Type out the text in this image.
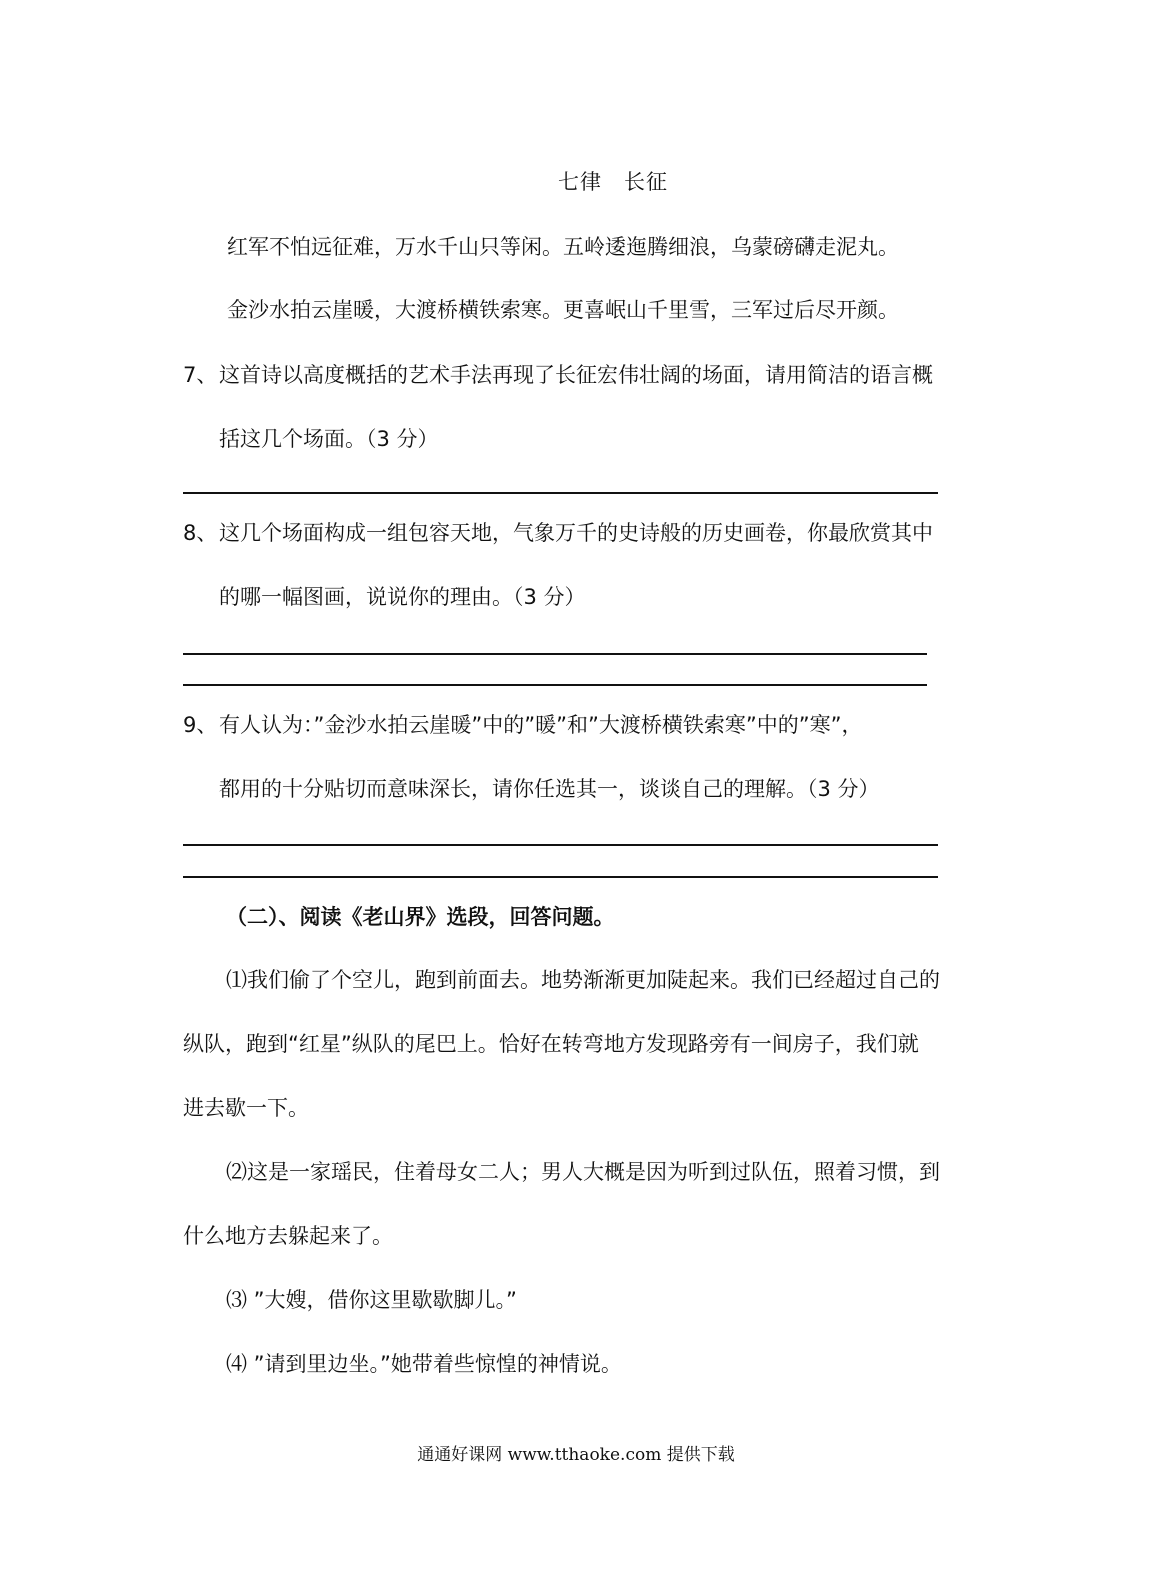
七律　长征
红军不怕远征难，万水千山只等闲。五岭逶迤腾细浪，乌蒙磅礴走泥丸。
金沙水拍云崖暖，大渡桥横铁索寒。更喜岷山千里雪，三军过后尽开颜。
7、这首诗以高度概括的艺术手法再现了长征宏伟壮阔的场面，请用简洁的语言概
括这几个场面。（3 分）
8、这几个场面构成一组包容天地，气象万千的史诗般的历史画卷，你最欣赏其中
的哪一幅图画，说说你的理由。（3 分）
9、有人认为：”金沙水拍云崖暖”中的”暖”和”大渡桥横铁索寒”中的”寒”，
都用的十分贴切而意味深长，请你任选其一，谈谈自己的理解。（3 分）
（二）、阅读《老山界》选段，回答问题。
⑴我们偷了个空儿，跑到前面去。地势渐渐更加陡起来。我们已经超过自己的
纵队，跑到“红星”纵队的尾巴上。恰好在转弯地方发现路旁有一间房子，我们就
进去歇一下。
⑵这是一家瑶民，住着母女二人；男人大概是因为听到过队伍，照着习惯，到
什么地方去躲起来了。
⑶ ”大嫂，借你这里歇歇脚儿。”
⑷ ”请到里边坐。”她带着些惊惶的神情说。
通通好课网 www.tthaoke.com 提供下载
